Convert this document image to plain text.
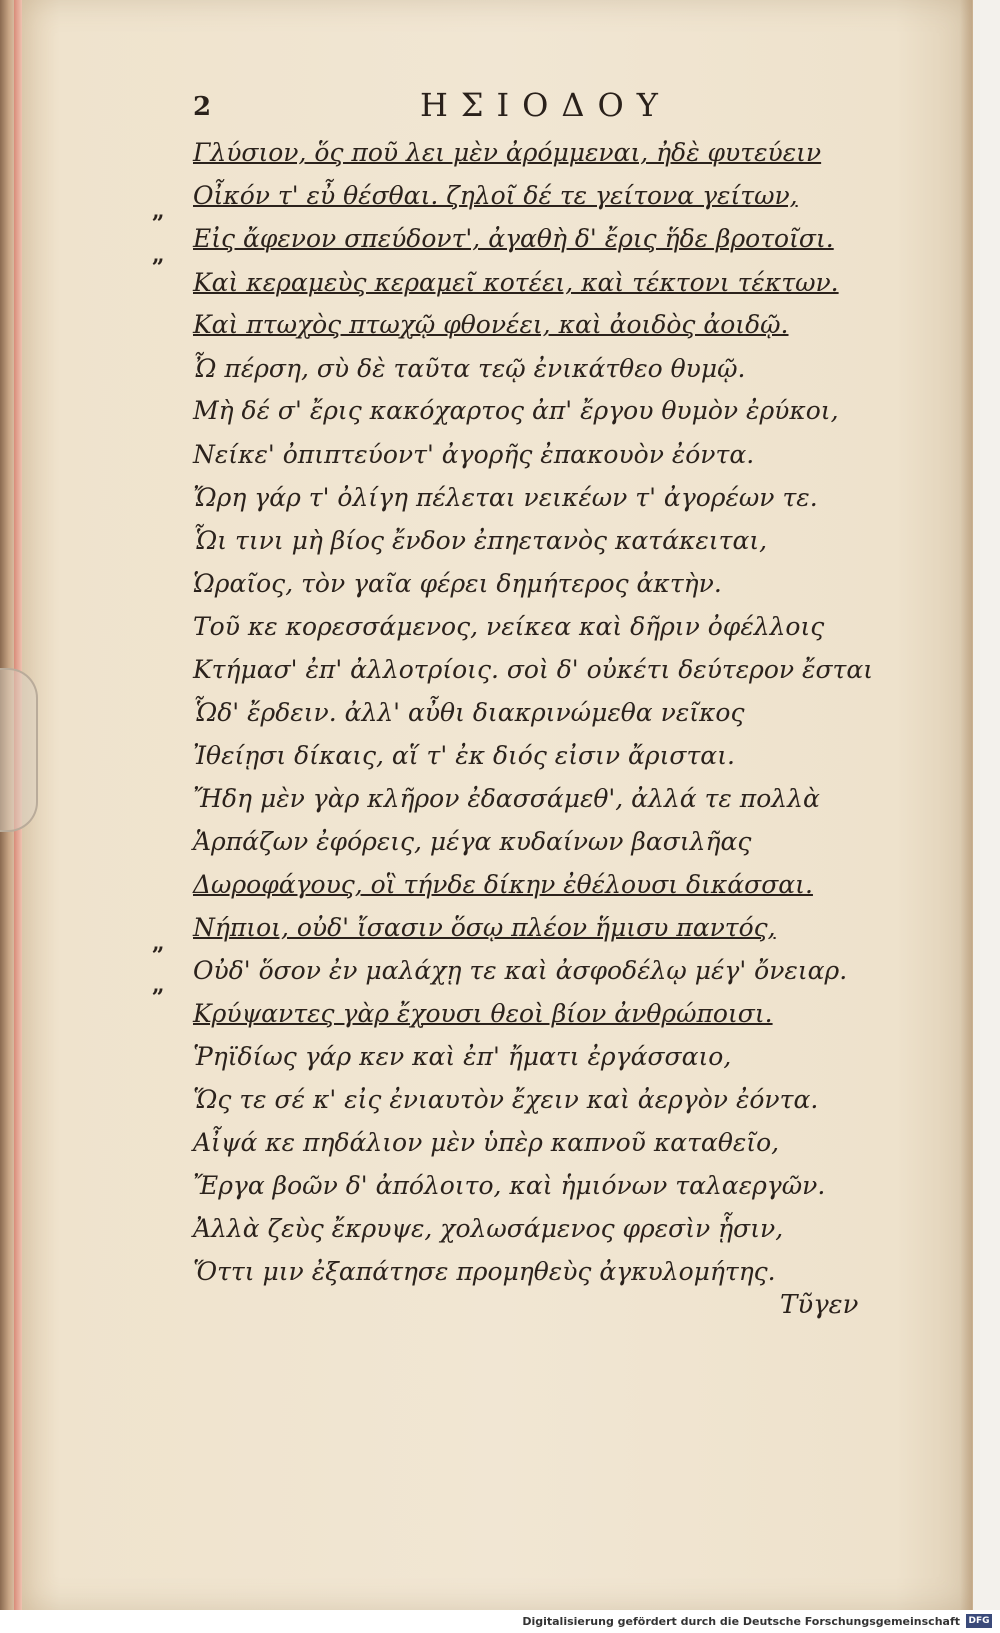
2	ΗΣΙΟΔΟΥ
„
„
„
„
Γλύσιον, ὅς ποῦ λει μὲν ἀρόμμεναι, ἠδὲ φυτεύειν
Οἶκόν τ' εὖ θέσθαι. ζηλοῖ δέ τε γείτονα γείτων,
Εἰς ἄφενον σπεύδοντ', ἀγαθὴ δ' ἔρις ἥδε βροτοῖσι.
Καὶ κεραμεὺς κεραμεῖ κοτέει, καὶ τέκτονι τέκτων.
Καὶ πτωχὸς πτωχῷ φθονέει, καὶ ἀοιδὸς ἀοιδῷ.
Ὦ πέρση, σὺ δὲ ταῦτα τεῷ ἐνικάτθεο θυμῷ.
Μὴ δέ σ' ἔρις κακόχαρτος ἀπ' ἔργου θυμὸν ἐρύκοι,
Νείκε' ὀπιπτεύοντ' ἀγορῆς ἐπακουὸν ἐόντα.
Ὤρη γάρ τ' ὀλίγη πέλεται νεικέων τ' ἀγορέων τε.
Ὧι τινι μὴ βίος ἔνδον ἐπηετανὸς κατάκειται,
Ὡραῖος, τὸν γαῖα φέρει δημήτερος ἀκτὴν.
Τοῦ κε κορεσσάμενος, νείκεα καὶ δῆριν ὀφέλλοις
Κτήμασ' ἐπ' ἀλλοτρίοις. σοὶ δ' οὐκέτι δεύτερον ἔσται
Ὧδ' ἔρδειν. ἀλλ' αὖθι διακρινώμεθα νεῖκος
Ἰθείῃσι δίκαις, αἵ τ' ἐκ διός εἰσιν ἄρισται.
Ἤδη μὲν γὰρ κλῆρον ἐδασσάμεθ', ἀλλά τε πολλὰ
Ἁρπάζων ἐφόρεις, μέγα κυδαίνων βασιλῆας
Δωροφάγους, οἳ τήνδε δίκην ἐθέλουσι δικάσσαι.
Νήπιοι, οὐδ' ἴσασιν ὅσῳ πλέον ἥμισυ παντός,
Οὐδ' ὅσον ἐν μαλάχῃ τε καὶ ἀσφοδέλῳ μέγ' ὄνειαρ.
Κρύψαντες γὰρ ἔχουσι θεοὶ βίον ἀνθρώποισι.
Ῥηϊδίως γάρ κεν καὶ ἐπ' ἤματι ἐργάσσαιο,
Ὥς τε σέ κ' εἰς ἐνιαυτὸν ἔχειν καὶ ἀεργὸν ἐόντα.
Αἶψά κε πηδάλιον μὲν ὑπὲρ καπνοῦ καταθεῖο,
Ἔργα βοῶν δ' ἀπόλοιτο, καὶ ἡμιόνων ταλαεργῶν.
Ἀλλὰ ζεὺς ἔκρυψε, χολωσάμενος φρεσὶν ᾗσιν,
Ὅττι μιν ἐξαπάτησε προμηθεὺς ἀγκυλομήτης.
Τῦγεν
Digitalisierung gefördert durch die Deutsche Forschungsgemeinschaft DFG
